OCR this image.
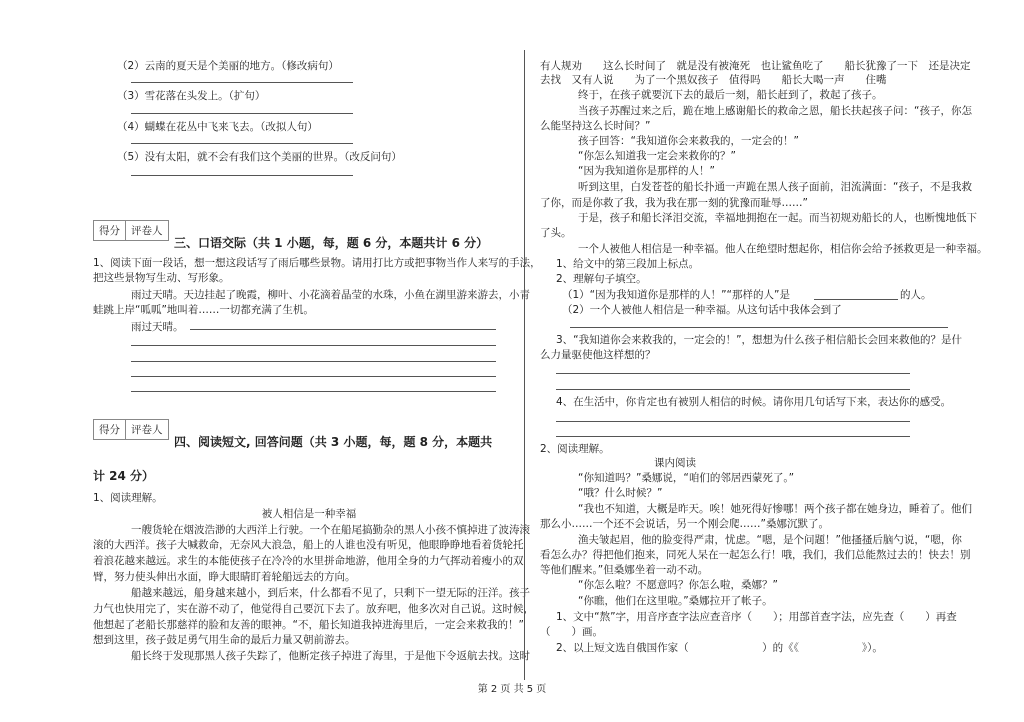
（2）云南的夏天是个美丽的地方。（修改病句）
（3）雪花落在头发上。（扩句）
（4）蝴蝶在花丛中飞来飞去。（改拟人句）
（5）没有太阳，就不会有我们这个美丽的世界。（改反问句）
得分	评卷人
三、口语交际（共 1 小题，每，题 6 分，本题共计 6 分）
1、阅读下面一段话，想一想这段话写了雨后哪些景物。请用打比方或把事物当作人来写的手法，
把这些景物写生动、写形象。
雨过天晴。天边挂起了晚霞，柳叶、小花滴着晶莹的水珠，小鱼在湖里游来游去，小青
蛙跳上岸“呱呱”地叫着……一切都充满了生机。
雨过天晴。
得分	评卷人
四、阅读短文, 回答问题（共 3 小题，每，题 8 分，本题共
计 24 分）
1、阅读理解。
被人相信是一种幸福
一艘货轮在烟波浩渺的大西洋上行驶。一个在船尾搞勤杂的黑人小孩不慎掉进了波涛滚
滚的大西洋。孩子大喊救命，无奈风大浪急，船上的人谁也没有听见，他眼睁睁地看着货轮托
着浪花越来越远。求生的本能使孩子在冷冷的水里拼命地游，他用全身的力气挥动着瘦小的双
臂，努力使头伸出水面，睁大眼睛盯着轮船远去的方向。
船越来越远，船身越来越小，到后来，什么都看不见了，只剩下一望无际的汪洋。孩子
力气也快用完了，实在游不动了，他觉得自己要沉下去了。放弃吧，他多次对自己说。这时候，
他想起了老船长那慈祥的脸和友善的眼神。“不，船长知道我掉进海里后，一定会来救我的！”
想到这里，孩子鼓足勇气用生命的最后力量又朝前游去。
船长终于发现那黑人孩子失踪了，他断定孩子掉进了海里，于是他下令返航去找。这时
有人规劝　　这么长时间了　就是没有被淹死　也让鲨鱼吃了　　船长犹豫了一下　还是决定
去找　又有人说　　为了一个黑奴孩子　值得吗　　船长大喝一声　　住嘴
终于，在孩子就要沉下去的最后一刻，船长赶到了，救起了孩子。
当孩子苏醒过来之后，跪在地上感谢船长的救命之恩，船长扶起孩子问：“孩子，你怎
么能坚持这么长时间？”
孩子回答：“我知道你会来救我的，一定会的！”
“你怎么知道我一定会来救你的？”
“因为我知道你是那样的人！”
听到这里，白发苍苍的船长扑通一声跪在黑人孩子面前，泪流满面：“孩子，不是我救
了你，而是你救了我，我为我在那一刻的犹豫而耻辱……”
于是，孩子和船长泽泪交流，幸福地拥抱在一起。而当初规劝船长的人，也断愧地低下
了头。
一个人被他人相信是一种幸福。他人在绝望时想起你，相信你会给予拯救更是一种幸福。
1、给文中的第三段加上标点。
2、理解句子填空。
（1）“因为我知道你是那样的人！”“那样的人”是	的人。
（2）一个人被他人相信是一种幸福。从这句话中我体会到了
3、“我知道你会来救我的，一定会的！”，想想为什么孩子相信船长会回来救他的？是什
么力量驱使他这样想的？
4、在生活中，你肯定也有被别人相信的时候。请你用几句话写下来，表达你的感受。
2、阅读理解。
课内阅读
“你知道吗？”桑娜说，“咱们的邻居西蒙死了。”
“哦？什么时候？”
“我也不知道，大概是昨天。唉！她死得好惨哪！两个孩子都在她身边，睡着了。他们
那么小……一个还不会说话，另一个刚会爬……”桑娜沉默了。
渔夫皱起眉，他的脸变得严肃，忧虑。“嗯，是个问题！”他搔搔后脑勺说，“嗯，你
看怎么办？得把他们抱来，同死人呆在一起怎么行！哦，我们，我们总能熬过去的！快去！别
等他们醒来。”但桑娜坐着一动不动。
“你怎么啦？不愿意吗？你怎么啦，桑娜？”
“你瞧，他们在这里啦。”桑娜拉开了帐子。
1、文中“熬”字，用音序查字法应查音序（　　）；用部首查字法，应先查（　　）再查
（　　）画。
2、以上短文选自俄国作家（　　　　　　　）的《《　　　　　　》）。
第 2 页 共 5 页
